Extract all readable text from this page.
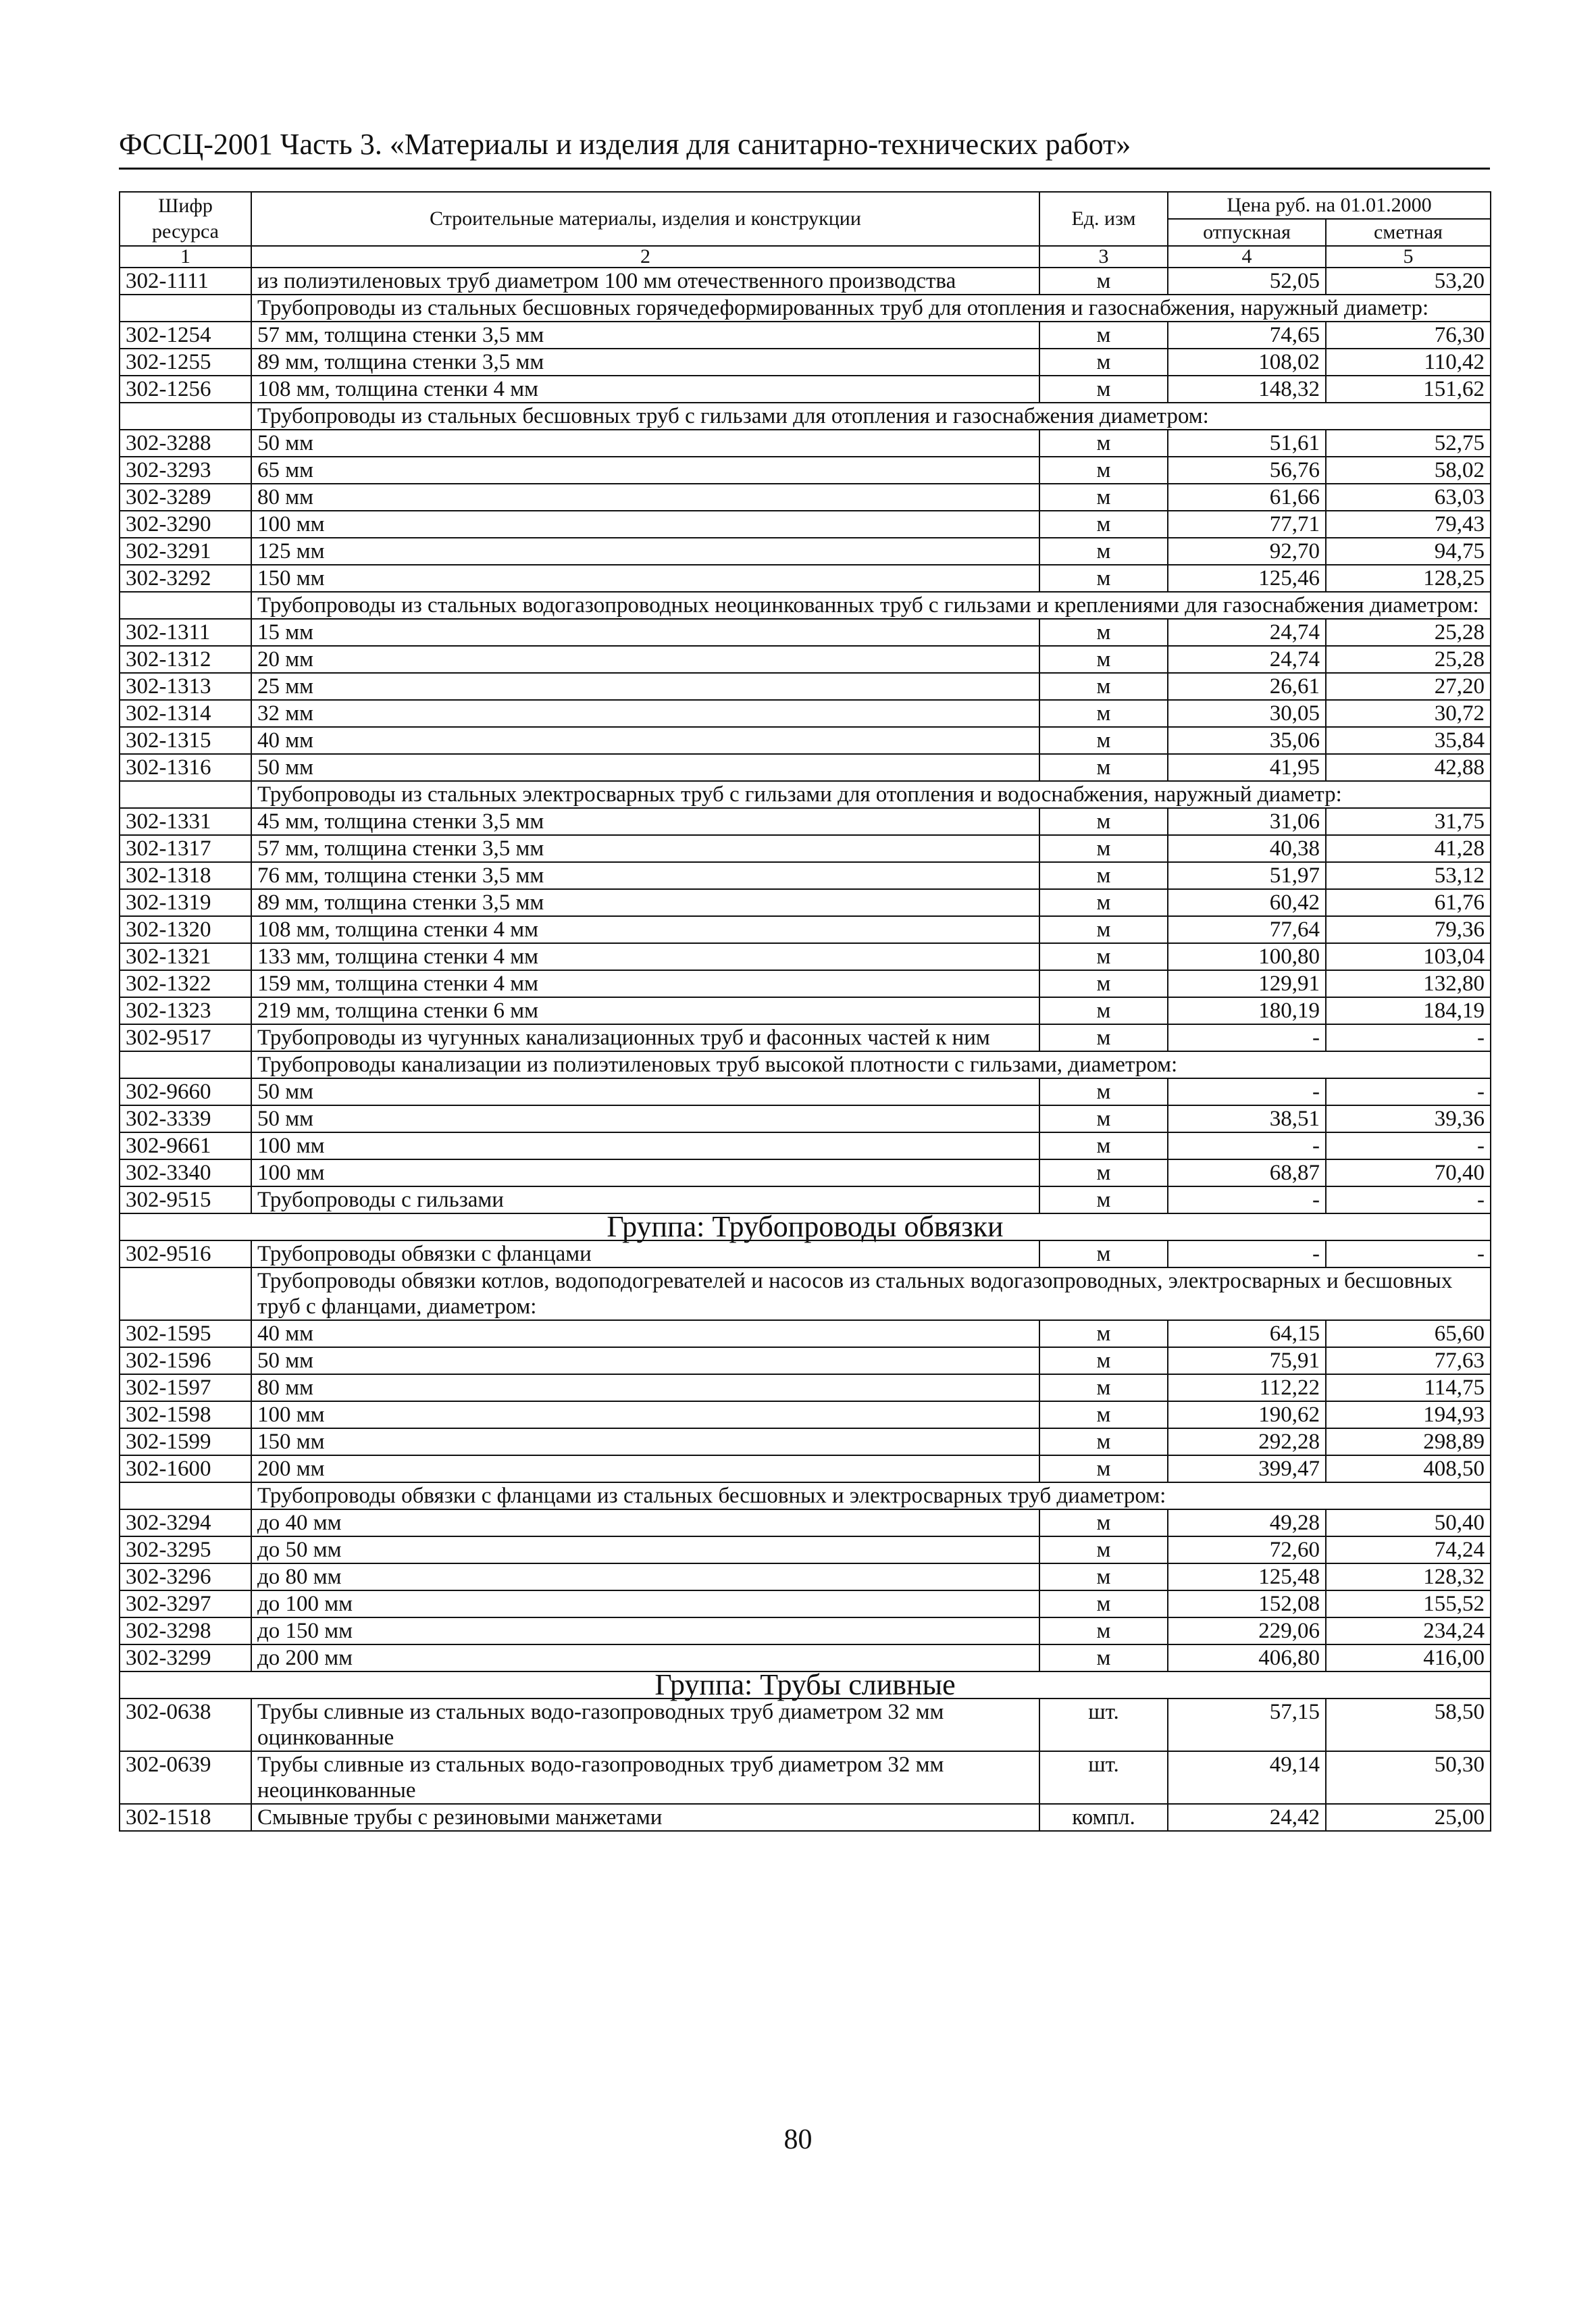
ФССЦ-2001 Часть 3. «Материалы и изделия для санитарно-технических работ»
Шифр ресурса	Строительные материалы, изделия и конструкции	Ед. изм	Цена руб. на 01.01.2000	
			отпускная	сметная
1	2	3	4	5
302-1111	из полиэтиленовых труб диаметром 100 мм отечественного производства	м	52,05	53,20
	Трубопроводы из стальных бесшовных горячедеформированных труб для отопления и газоснабжения, наружный диаметр:			
302-1254	57 мм, толщина стенки 3,5 мм	м	74,65	76,30
302-1255	89 мм, толщина стенки 3,5 мм	м	108,02	110,42
302-1256	108 мм, толщина стенки 4 мм	м	148,32	151,62
	Трубопроводы из стальных бесшовных труб с гильзами для отопления и газоснабжения диаметром:			
302-3288	50 мм	м	51,61	52,75
302-3293	65 мм	м	56,76	58,02
302-3289	80 мм	м	61,66	63,03
302-3290	100 мм	м	77,71	79,43
302-3291	125 мм	м	92,70	94,75
302-3292	150 мм	м	125,46	128,25
	Трубопроводы из стальных водогазопроводных неоцинкованных труб с гильзами и креплениями для газоснабжения диаметром:			
302-1311	15 мм	м	24,74	25,28
302-1312	20 мм	м	24,74	25,28
302-1313	25 мм	м	26,61	27,20
302-1314	32 мм	м	30,05	30,72
302-1315	40 мм	м	35,06	35,84
302-1316	50 мм	м	41,95	42,88
	Трубопроводы из стальных электросварных труб с гильзами для отопления и водоснабжения, наружный диаметр:			
302-1331	45 мм, толщина стенки 3,5 мм	м	31,06	31,75
302-1317	57 мм, толщина стенки 3,5 мм	м	40,38	41,28
302-1318	76 мм, толщина стенки 3,5 мм	м	51,97	53,12
302-1319	89 мм, толщина стенки 3,5 мм	м	60,42	61,76
302-1320	108 мм, толщина стенки 4 мм	м	77,64	79,36
302-1321	133 мм, толщина стенки 4 мм	м	100,80	103,04
302-1322	159 мм, толщина стенки 4 мм	м	129,91	132,80
302-1323	219 мм, толщина стенки 6 мм	м	180,19	184,19
302-9517	Трубопроводы из чугунных канализационных труб и фасонных частей к ним	м	-	-
	Трубопроводы канализации из полиэтиленовых труб высокой плотности с гильзами, диаметром:			
302-9660	50 мм	м	-	-
302-3339	50 мм	м	38,51	39,36
302-9661	100 мм	м	-	-
302-3340	100 мм	м	68,87	70,40
302-9515	Трубопроводы с гильзами	м	-	-
Группа: Трубопроводы обвязки				
302-9516	Трубопроводы обвязки с фланцами	м	-	-
	Трубопроводы обвязки котлов, водоподогревателей и насосов из стальных водогазопроводных, электросварных и бесшовных труб с фланцами, диаметром:			
302-1595	40 мм	м	64,15	65,60
302-1596	50 мм	м	75,91	77,63
302-1597	80 мм	м	112,22	114,75
302-1598	100 мм	м	190,62	194,93
302-1599	150 мм	м	292,28	298,89
302-1600	200 мм	м	399,47	408,50
	Трубопроводы обвязки с фланцами из стальных бесшовных и электросварных труб диаметром:			
302-3294	до 40 мм	м	49,28	50,40
302-3295	до 50 мм	м	72,60	74,24
302-3296	до 80 мм	м	125,48	128,32
302-3297	до 100 мм	м	152,08	155,52
302-3298	до 150 мм	м	229,06	234,24
302-3299	до 200 мм	м	406,80	416,00
Группа: Трубы сливные				
302-0638	Трубы сливные из стальных водо-газопроводных труб диаметром 32 мм оцинкованные	шт.	57,15	58,50
302-0639	Трубы сливные из стальных водо-газопроводных труб диаметром 32 мм неоцинкованные	шт.	49,14	50,30
302-1518	Смывные трубы с резиновыми манжетами	компл.	24,42	25,00
80
